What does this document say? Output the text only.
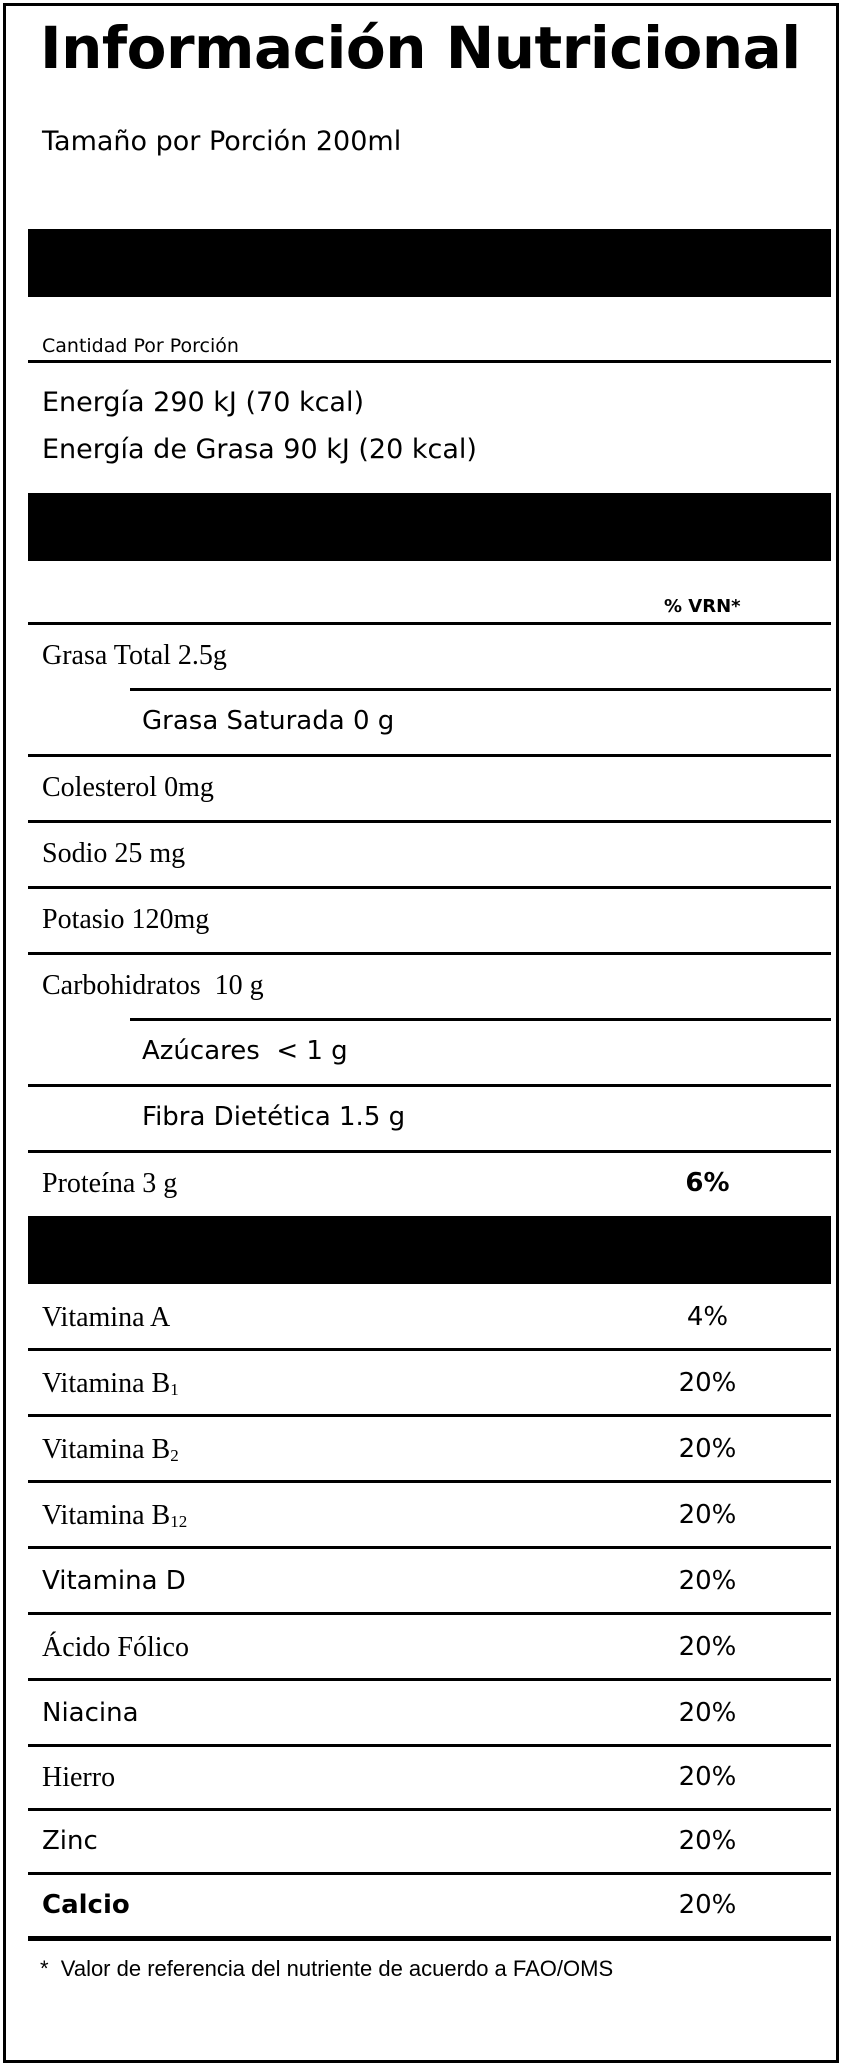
Información Nutricional
Tamaño por Porción 200ml
Cantidad Por Porción
Energía 290 kJ (70 kcal)
Energía de Grasa 90 kJ (20 kcal)
% VRN*
Grasa Total 2.5g
Grasa Saturada 0 g
Colesterol 0mg
Sodio 25 mg
Potasio 120mg
Carbohidratos  10 g
Azúcares  < 1 g
Fibra Dietética 1.5 g
Proteína 3 g	6%
Vitamina A	4%
Vitamina $B_1$	20%
Vitamina $B_2$	20%
Vitamina $B_{12}$	20%
Vitamina D	20%
Ácido Fólico	20%
Niacina	20%
Hierro	20%
Zinc	20%
Calcio	20%
*  Valor de referencia del nutriente de acuerdo a FAO/OMS
